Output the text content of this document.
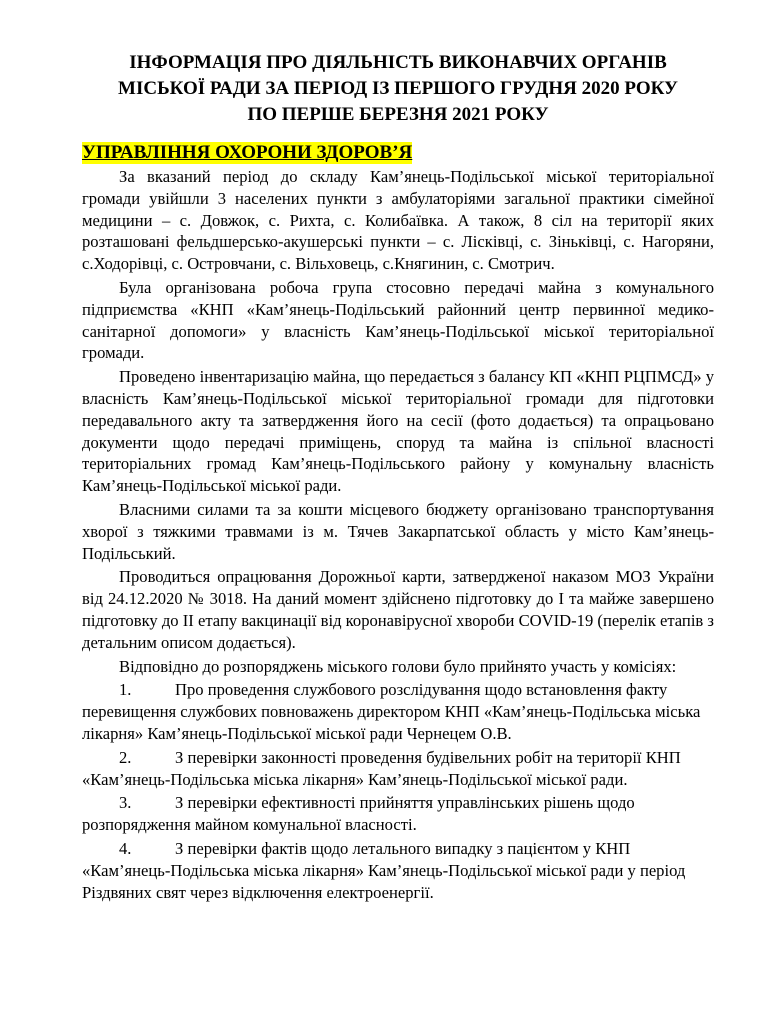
ІНФОРМАЦІЯ ПРО ДІЯЛЬНІСТЬ ВИКОНАВЧИХ ОРГАНІВ
МІСЬКОЇ РАДИ ЗА ПЕРІОД ІЗ ПЕРШОГО ГРУДНЯ 2020 РОКУ
ПО ПЕРШЕ БЕРЕЗНЯ 2021 РОКУ
УПРАВЛІННЯ ОХОРОНИ ЗДОРОВ’Я

За вказаний період до складу Кам’янець-Подільської міської територіальної громади увійшли 3 населених пункти з амбулаторіями загальної практики сімейної медицини – с. Довжок, с. Рихта, с. Колибаївка. А також, 8 сіл на території яких розташовані фельдшерсько-акушерські пункти – с. Лісківці, с. Зіньківці, с. Нагоряни, с.Ходорівці, с. Островчани, с. Вільховець, с.Княгинин, с. Смотрич.

Була організована робоча група стосовно передачі майна з комунального підприємства «КНП «Кам’янець-Подільський районний центр первинної медико-санітарної допомоги» у власність Кам’янець-Подільської міської територіальної громади.

Проведено інвентаризацію майна, що передається з балансу КП «КНП РЦПМСД» у власність Кам’янець-Подільської міської територіальної громади для підготовки передавального акту та затвердження його на сесії (фото додається) та опрацьовано документи щодо передачі приміщень, споруд та майна із спільної власності територіальних громад Кам’янець-Подільського району у комунальну власність Кам’янець-Подільської міської ради.

Власними силами та за кошти місцевого бюджету організовано транспортування хворої з тяжкими травмами із м. Тячев Закарпатської область у місто Кам’янець-Подільський.

Проводиться опрацювання Дорожньої карти, затвердженої наказом МОЗ України від 24.12.2020 № 3018. На даний момент здійснено підготовку до І та майже завершено підготовку до ІІ етапу вакцинації від коронавірусної хвороби COVID-19 (перелік етапів з детальним описом додається).

Відповідно до розпоряджень міського голови було прийнято участь у комісіях:

1.	Про проведення службового розслідування щодо встановлення факту перевищення службових повноважень директором КНП «Кам’янець-Подільська міська лікарня» Кам’янець-Подільської міської ради Чернецем О.В.
2.	З перевірки законності проведення будівельних робіт на території КНП «Кам’янець-Подільська міська лікарня» Кам’янець-Подільської міської ради.
3.	З перевірки ефективності прийняття управлінських рішень щодо розпорядження майном комунальної власності.
4.	З перевірки фактів щодо летального випадку з пацієнтом у КНП «Кам’янець-Подільська міська лікарня» Кам’янець-Подільської міської ради у період Різдвяних свят через відключення електроенергії.
